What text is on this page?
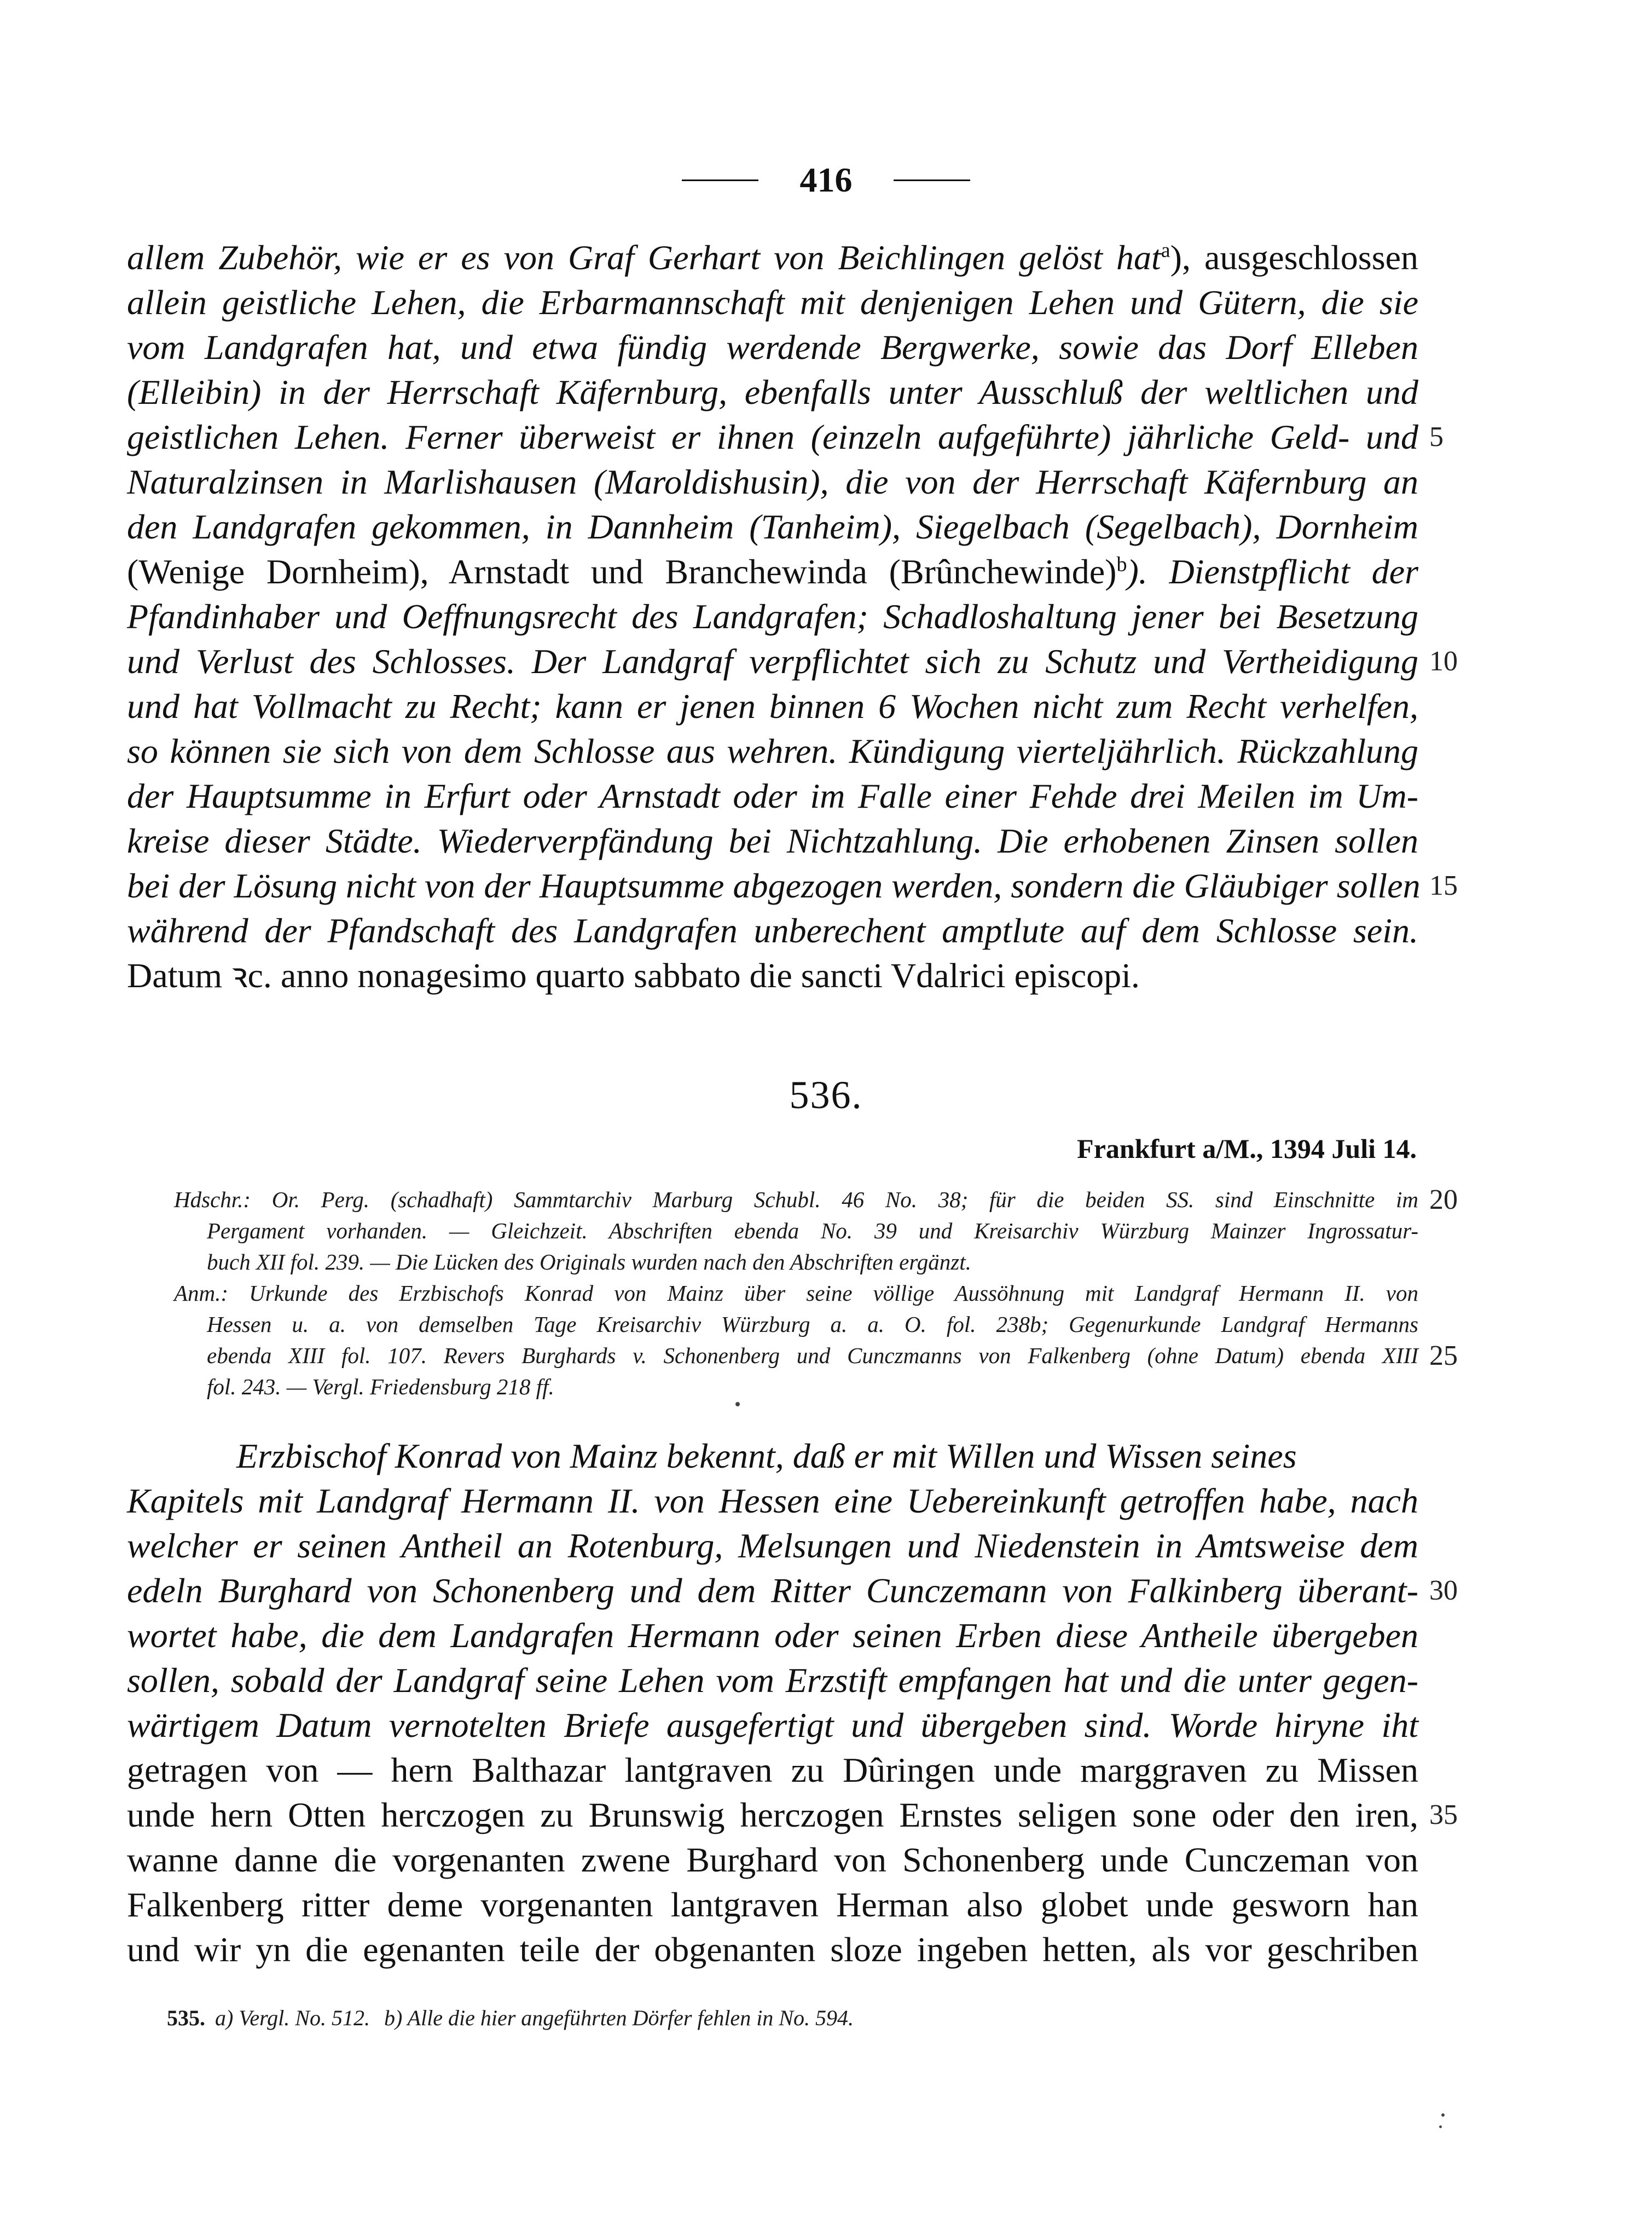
416
allem Zubehör, wie er es von Graf Gerhart von Beichlingen gelöst hat$^a$), ausgeschlossen
allein geistliche Lehen, die Erbarmannschaft mit denjenigen Lehen und Gütern, die sie
vom Landgrafen hat, und etwa fündig werdende Bergwerke, sowie das Dorf Elleben
(Elleibin) in der Herrschaft Käfernburg, ebenfalls unter Ausschluß der weltlichen und
geistlichen Lehen. Ferner überweist er ihnen (einzeln aufgeführte) jährliche Geld- und 5
Naturalzinsen in Marlishausen (Maroldishusin), die von der Herrschaft Käfernburg an
den Landgrafen gekommen, in Dannheim (Tanheim), Siegelbach (Segelbach), Dornheim
(Wenige Dornheim), Arnstadt und Branchewinda (Brûnchewinde)$^b$). Dienstpflicht der
Pfandinhaber und Oeffnungsrecht des Landgrafen; Schadloshaltung jener bei Besetzung
und Verlust des Schlosses. Der Landgraf verpflichtet sich zu Schutz und Vertheidigung 10
und hat Vollmacht zu Recht; kann er jenen binnen 6 Wochen nicht zum Recht verhelfen,
so können sie sich von dem Schlosse aus wehren. Kündigung vierteljährlich. Rückzahlung
der Hauptsumme in Erfurt oder Arnstadt oder im Falle einer Fehde drei Meilen im Um-
kreise dieser Städte. Wiederverpfändung bei Nichtzahlung. Die erhobenen Zinsen sollen
bei der Lösung nicht von der Hauptsumme abgezogen werden, sondern die Gläubiger sollen 15
während der Pfandschaft des Landgrafen unberechent amptlute auf dem Schlosse sein.
Datum ꝛc. anno nonagesimo quarto sabbato die sancti Vdalrici episcopi.
536.
Frankfurt a/M., 1394 Juli 14.
Hdschr.: Or. Perg. (schadhaft) Sammtarchiv Marburg Schubl. 46 No. 38; für die beiden SS. sind Einschnitte im 20
Pergament vorhanden. — Gleichzeit. Abschriften ebenda No. 39 und Kreisarchiv Würzburg Mainzer Ingrossatur-
buch XII fol. 239. — Die Lücken des Originals wurden nach den Abschriften ergänzt.
Anm.: Urkunde des Erzbischofs Konrad von Mainz über seine völlige Aussöhnung mit Landgraf Hermann II. von
Hessen u. a. von demselben Tage Kreisarchiv Würzburg a. a. O. fol. 238b; Gegenurkunde Landgraf Hermanns
ebenda XIII fol. 107. Revers Burghards v. Schonenberg und Cunczmanns von Falkenberg (ohne Datum) ebenda XIII 25
fol. 243. — Vergl. Friedensburg 218 ff.
Erzbischof Konrad von Mainz bekennt, daß er mit Willen und Wissen seines
Kapitels mit Landgraf Hermann II. von Hessen eine Uebereinkunft getroffen habe, nach
welcher er seinen Antheil an Rotenburg, Melsungen und Niedenstein in Amtsweise dem
edeln Burghard von Schonenberg und dem Ritter Cunczemann von Falkinberg überant- 30
wortet habe, die dem Landgrafen Hermann oder seinen Erben diese Antheile übergeben
sollen, sobald der Landgraf seine Lehen vom Erzstift empfangen hat und die unter gegen-
wärtigem Datum vernotelten Briefe ausgefertigt und übergeben sind. Worde hiryne iht
getragen von — hern Balthazar lantgraven zu Dûringen unde marggraven zu Missen
unde hern Otten herczogen zu Brunswig herczogen Ernstes seligen sone oder den iren, 35
wanne danne die vorgenanten zwene Burghard von Schonenberg unde Cunczeman von
Falkenberg ritter deme vorgenanten lantgraven Herman also globet unde gesworn han
und wir yn die egenanten teile der obgenanten sloze ingeben hetten, als vor geschriben
535. a) Vergl. No. 512. b) Alle die hier angeführten Dörfer fehlen in No. 594.
